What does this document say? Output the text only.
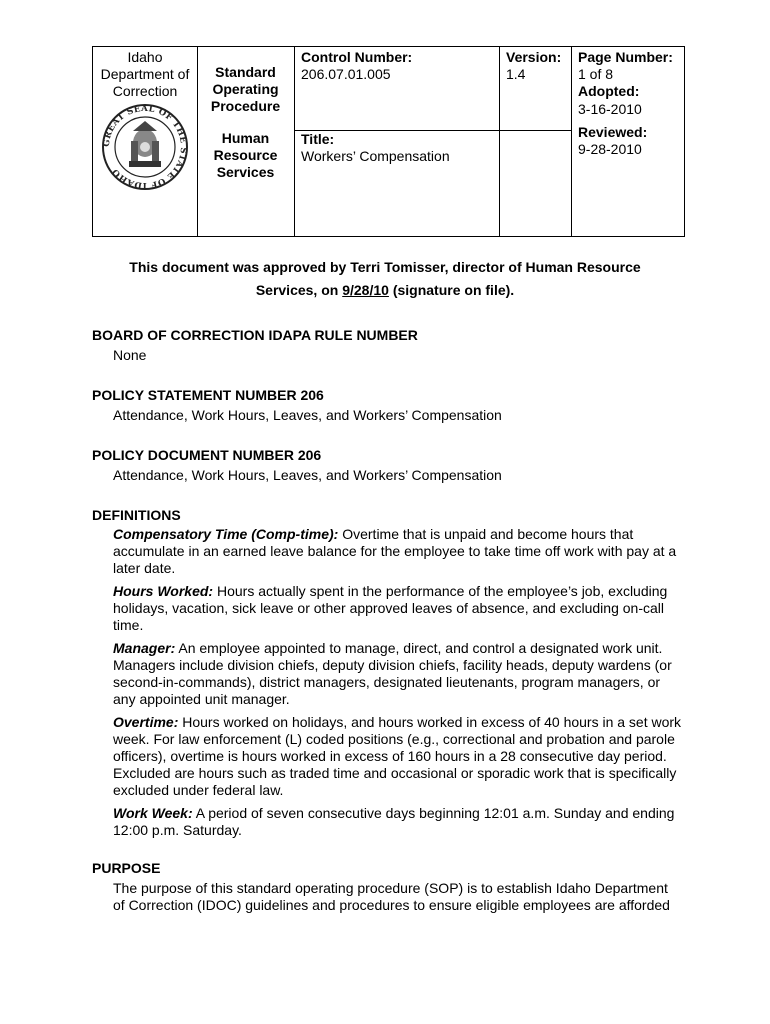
Idaho
Department of
Correction
GREAT SEAL OF THE STATE OF IDAHO
Standard
Operating
Procedure
Human
Resource
Services
Control Number:
206.07.01.005
Title:
Workers’ Compensation
Version:
1.4
Page Number:
1 of 8
Adopted:
3-16-2010
Reviewed:
9-28-2010
This document was approved by Terri Tomisser, director of Human Resource
Services, on 9/28/10 (signature on file).
BOARD OF CORRECTION IDAPA RULE NUMBER
None
POLICY STATEMENT NUMBER 206
Attendance, Work Hours, Leaves, and Workers’ Compensation
POLICY DOCUMENT NUMBER 206
Attendance, Work Hours, Leaves, and Workers’ Compensation
DEFINITIONS

Compensatory Time (Comp-time): Overtime that is unpaid and become hours that accumulate in an earned leave balance for the employee to take time off work with pay at a later date.

Hours Worked: Hours actually spent in the performance of the employee’s job, excluding holidays, vacation, sick leave or other approved leaves of absence, and excluding on-call time.

Manager: An employee appointed to manage, direct, and control a designated work unit. Managers include division chiefs, deputy division chiefs, facility heads, deputy wardens (or second-in-commands), district managers, designated lieutenants, program managers, or any appointed unit manager.

Overtime: Hours worked on holidays, and hours worked in excess of 40 hours in a set work week. For law enforcement (L) coded positions (e.g., correctional and probation and parole officers), overtime is hours worked in excess of 160 hours in a 28 consecutive day period. Excluded are hours such as traded time and occasional or sporadic work that is specifically excluded under federal law.

Work Week: A period of seven consecutive days beginning 12:01 a.m. Sunday and ending 12:00 p.m. Saturday.

PURPOSE
The purpose of this standard operating procedure (SOP) is to establish Idaho Department of Correction (IDOC) guidelines and procedures to ensure eligible employees are afforded
